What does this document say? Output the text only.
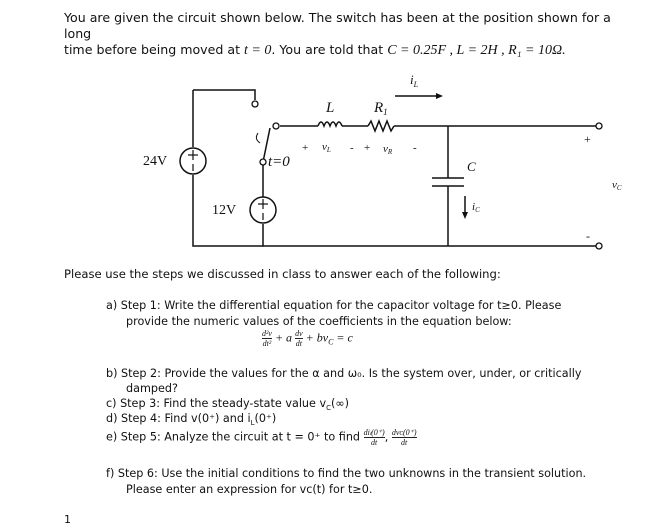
You are given the circuit shown below. The switch has been at the position shown for a long
time before being moved at t = 0. You are told that C = 0.25F , L = 2H , R₁ = 10Ω.
$i_L$
L	$R_1$
vL	vR
C
iC
vC
t=0
+	- +	-
+
-
24V
12V
Please use the steps we discussed in class to answer each of the following:
a) Step 1: Write the differential equation for the capacitor voltage for t≥0. Please
provide the numeric values of the coefficients in the equation below:
$\frac{\text{d²v}}{\text{dt²}} + a \frac{dv}{dt} + bv_C = c$
b) Step 2: Provide the values for the α and ω₀. Is the system over, under, or critically
damped?
c) Step 3: Find the steady-state value $v_C(\infty)$
d) Step 4: Find v(0⁺) and $i_L(0^+)$
e) Step 5: Analyze the circuit at t = 0⁺ to find $\frac{\text{diₗ(0⁺)}}{dt}$ , $\frac{\text{dvᴄ(0⁺)}}{dt}$
f) Step 6: Use the initial conditions to find the two unknowns in the transient solution.
Please enter an expression for vᴄ(t) for t≥0.
1
